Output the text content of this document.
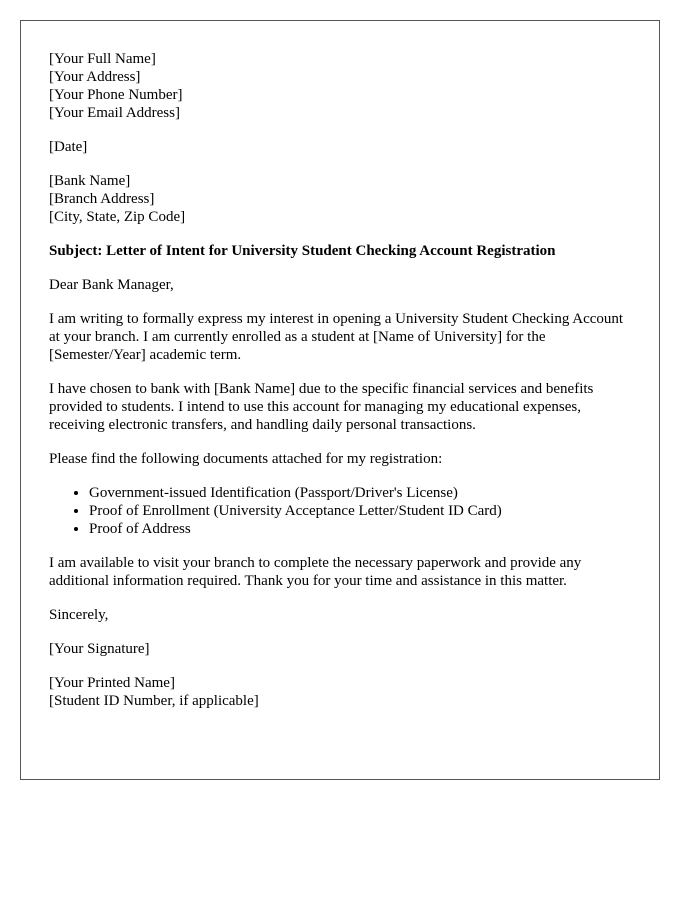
[Your Full Name]
[Your Address]
[Your Phone Number]
[Your Email Address]
[Date]
[Bank Name]
[Branch Address]
[City, State, Zip Code]

Subject: Letter of Intent for University Student Checking Account Registration

Dear Bank Manager,

I am writing to formally express my interest in opening a University Student Checking Account at your branch. I am currently enrolled as a student at [Name of University] for the [Semester/Year] academic term.

I have chosen to bank with [Bank Name] due to the specific financial services and benefits provided to students. I intend to use this account for managing my educational expenses, receiving electronic transfers, and handling daily personal transactions.

Please find the following documents attached for my registration:

• Government-issued Identification (Passport/Driver's License)
• Proof of Enrollment (University Acceptance Letter/Student ID Card)
• Proof of Address

I am available to visit your branch to complete the necessary paperwork and provide any additional information required. Thank you for your time and assistance in this matter.

Sincerely,

[Your Signature]

[Your Printed Name]
[Student ID Number, if applicable]
